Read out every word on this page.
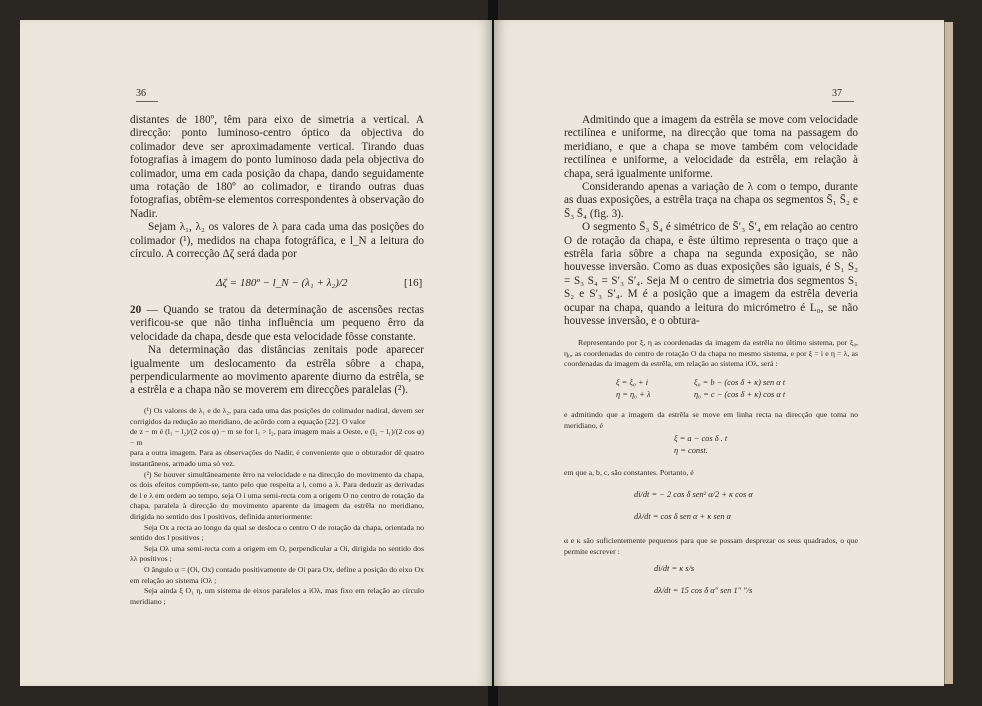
36

distantes de 180º, têm para eixo de simetria a vertical. A direcção: ponto luminoso-centro óptico da objectiva do colimador deve ser aproximadamente vertical. Tirando duas fotografias à imagem do ponto luminoso dada pela objectiva do colimador, uma em cada posição da chapa, dando seguidamente uma rotação de 180º ao colimador, e tirando outras duas fotografias, obtêm-se elementos correspondentes à observação do Nadir.

Sejam λ₁, λ₂ os valores de λ para cada uma das posições do colimador (¹), medidos na chapa fotográfica, e l_N a leitura do círculo. A correcção Δζ será dada por

Δζ = 180º − l_N − (λ₁ + λ₂)/2	[16]

20 — Quando se tratou da determinação de ascensões rectas verificou-se que não tinha influência um pequeno êrro da velocidade da chapa, desde que esta velocidade fôsse constante.

Na determinação das distâncias zenitais pode aparecer igualmente um deslocamento da estrêla sôbre a chapa, perpendicularmente ao movimento aparente diurno da estrêla, se a estrêla e a chapa não se moverem em direcções paralelas (²).

(¹) Os valores de λ₁ e de λ₂, para cada uma das posições do colimador nadiral, devem ser corrigidos da redução ao meridiano, de acôrdo com a equação [22]. O valor

de z − m é (l₁ − l₂)/(2 cos φ) − m se for l₁ > l₂, para imagem mais a Oeste, e (l₂ − l₁)/(2 cos φ) − m

para a outra imagem. Para as observações do Nadir, é conveniente que o obturador dê quatro instantâneos, armado uma só vez.

(²) Se houver simultâneamente êrro na velocidade e na direcção do movimento da chapa, os dois efeitos compõem-se, tanto pelo que respeita a l, como a λ. Para deduzir as derivadas de l e λ em ordem ao tempo, seja O i uma semi-recta com a origem O no centro de rotação da chapa, paralela à direcção do movimento aparente da imagem da estrêla no meridiano, dirigida no sentido dos l positivos, definida anteriormente:

Seja Ox a recta ao longo da qual se desloca o centro O de rotação da chapa, orientada no sentido dos l positivos ;

Seja Oλ uma semi-recta com a origem em O, perpendicular a Oi, dirigida no sentido dos λλ positivos ;

O ângulo α = (Oi, Ox) contado positivamente de Oi para Ox, define a posição do eixo Ox em relação ao sistema iOλ ;

Seja ainda ξ O₁ η, um sistema de eixos paralelos a iOλ, mas fixo em relação ao círculo meridiano ;

37

Admitindo que a imagem da estrêla se move com velocidade rectilínea e uniforme, na direcção que toma na passagem do meridiano, e que a chapa se move também com velocidade rectilínea e uniforme, a velocidade da estrêla, em relação à chapa, será igualmente uniforme.

Considerando apenas a variação de λ com o tempo, durante as duas exposições, a estrêla traça na chapa os segmentos S̄₁ S̄₂ e S̄₃ S̄₄ (fig. 3).

O segmento S̄₃ S̄₄ é simétrico de S̄′₃ S̄′₄ em relação ao centro O de rotação da chapa, e êste último representa o traço que a estrêla faria sôbre a chapa na segunda exposição, se não houvesse inversão. Como as duas exposições são iguais, é S₁ S₂ = S₃ S₄ = S′₃ S′₄. Seja M o centro de simetria dos segmentos S₁ S₂ e S′₃ S′₄. M é a posição que a imagem da estrêla deveria ocupar na chapa, quando a leitura do micrómetro é L₀, se não houvesse inversão, e o obtura-

Representando por ξ, η as coordenadas da imagem da estrêla no último sistema, por ξ₀, η₀, as coordenadas do centro de rotação O da chapa no mesmo sistema, e por ξ = i e η = λ, as coordenadas da imagem da estrêla, em relação ao sistema iOλ, será :

ξ = ξ₀ + i
η = η₀ + λ
ξ₀ = b − (cos δ + κ) sen α t
η₀ = c − (cos δ + κ) cos α t

e admitindo que a imagem da estrêla se move em linha recta na direcção que toma no meridiano, é

ξ = a − cos δ . t
η = const.

em que a, b, c, são constantes. Portanto, é

di/dt = − 2 cos δ sen² α/2 + κ cos α
dλ/dt = cos δ sen α + κ sen α

α e κ são suficientemente pequenos para que se possam desprezar os seus quadrados, o que permite escrever :

di/dt = κ s/s
dλ/dt = 15 cos δ α″ sen 1″ ″/s
